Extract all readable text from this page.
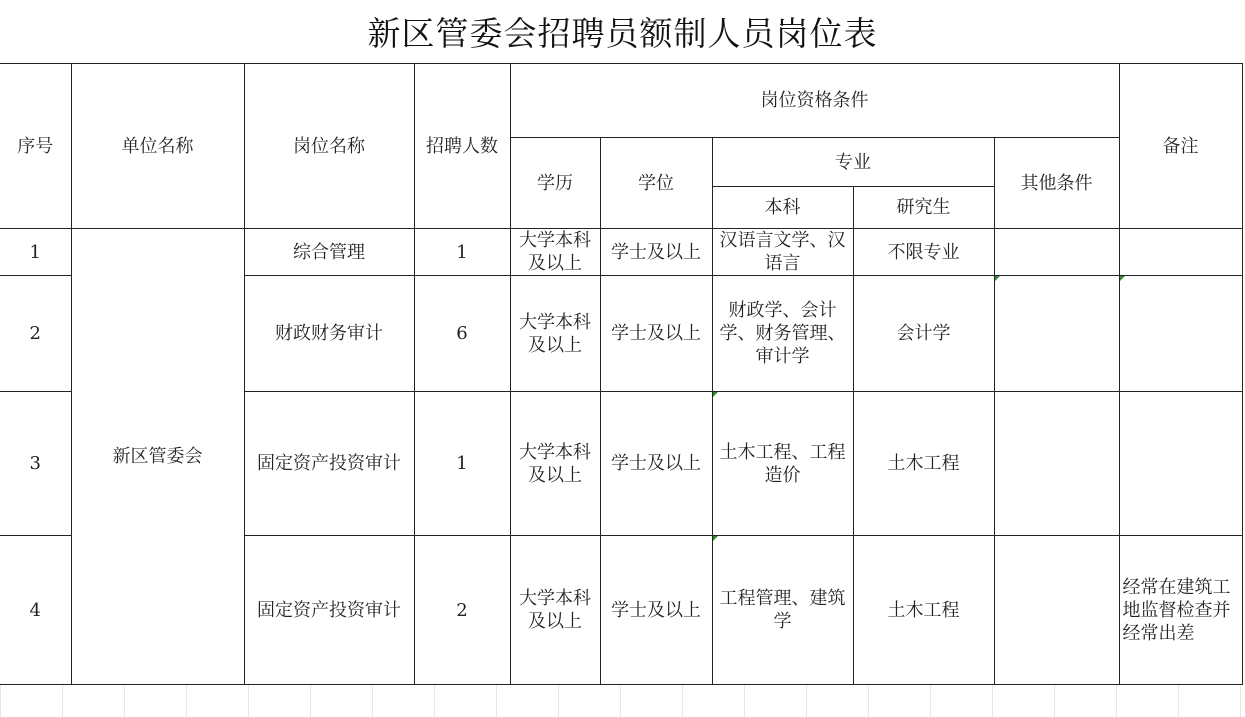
新区管委会招聘员额制人员岗位表
序号	单位名称	岗位名称	招聘人数	岗位资格条件					备注
				学历	学位	专业		其他条件	
						本科	研究生		
1	新区管委会	综合管理	1	大学本科及以上	学士及以上	汉语言文学、汉语言	不限专业		
2		财政财务审计	6	大学本科及以上	学士及以上	财政学、会计学、财务管理、审计学	会计学		
3		固定资产投资审计	1	大学本科及以上	学士及以上	土木工程、工程造价	土木工程		
4		固定资产投资审计	2	大学本科及以上	学士及以上	工程管理、建筑学	土木工程		经常在建筑工地监督检查并经常出差
